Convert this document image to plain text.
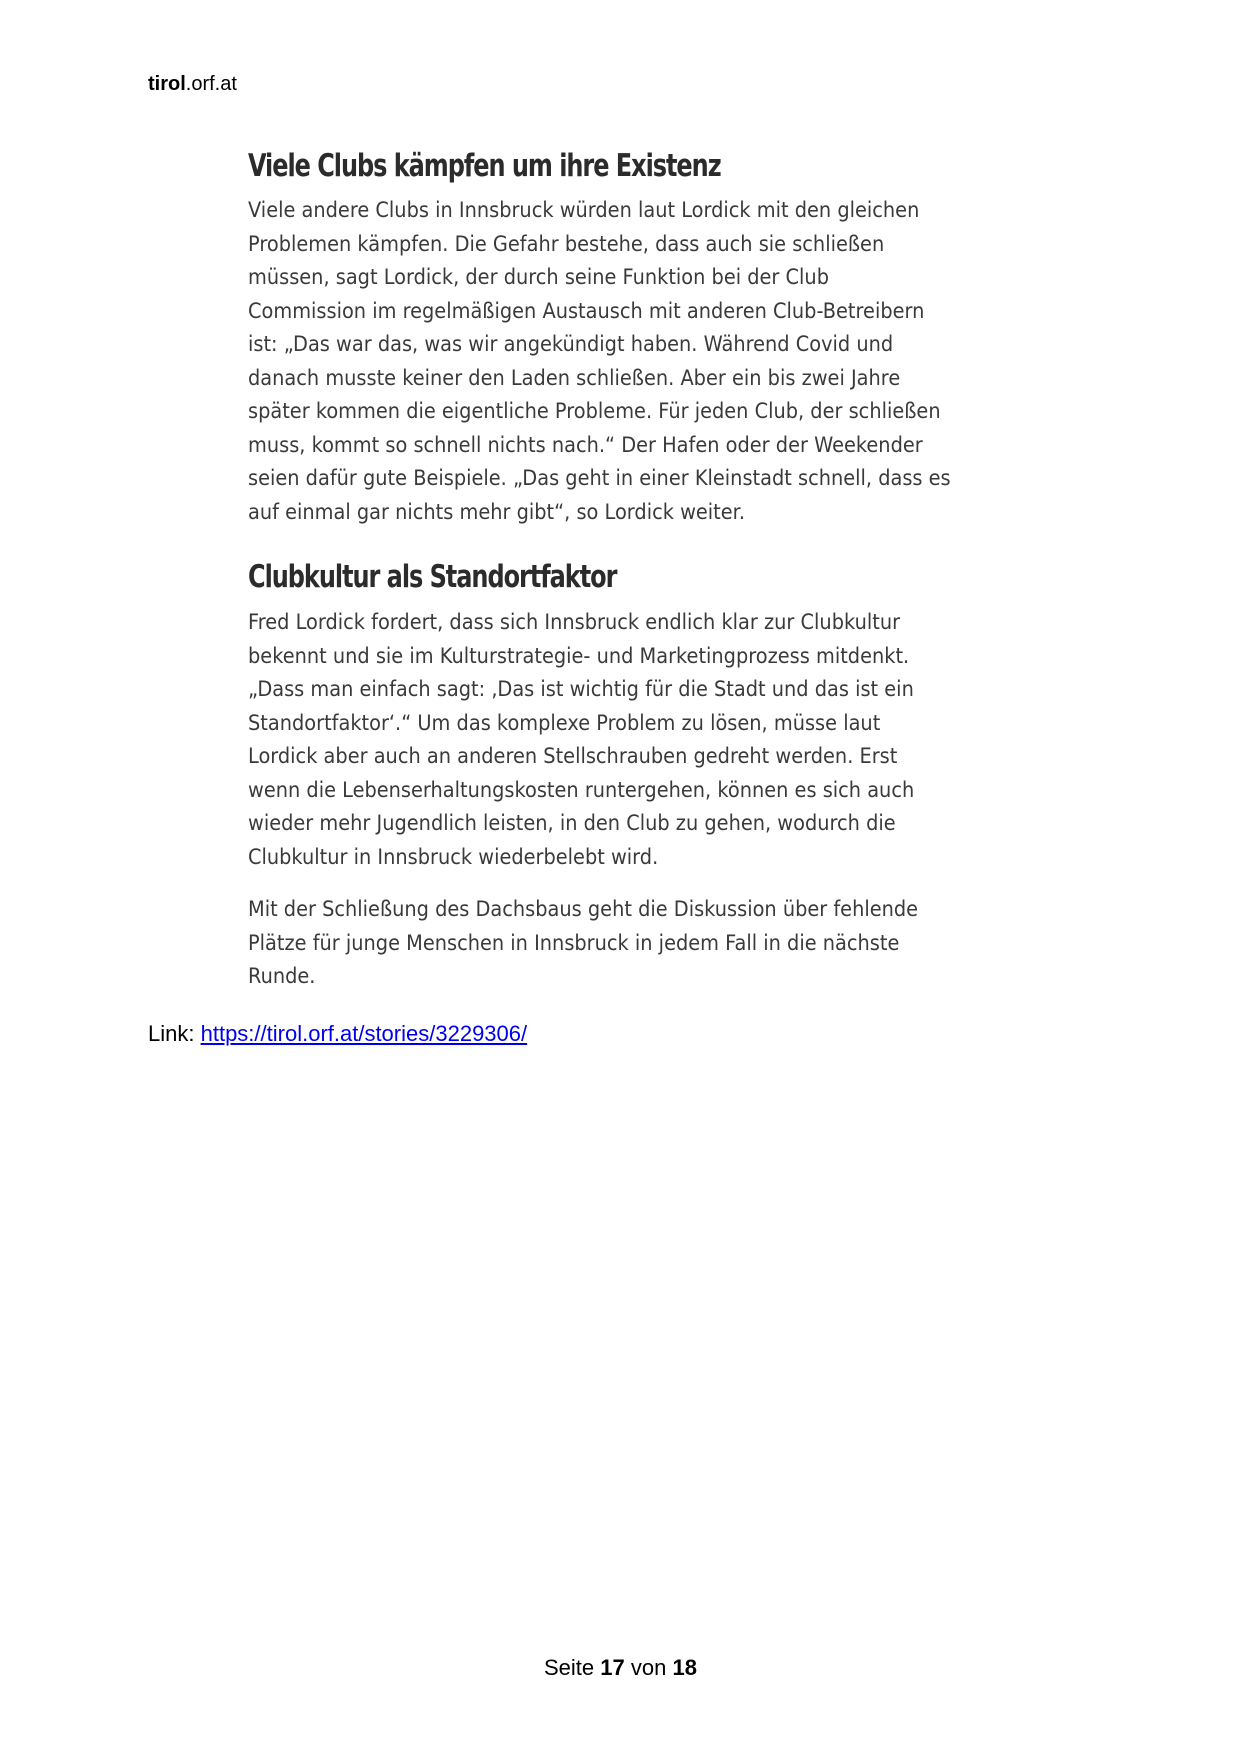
tirol.orf.at
Viele Clubs kämpfen um ihre Existenz
Viele andere Clubs in Innsbruck würden laut Lordick mit den gleichen
Problemen kämpfen. Die Gefahr bestehe, dass auch sie schließen
müssen, sagt Lordick, der durch seine Funktion bei der Club
Commission im regelmäßigen Austausch mit anderen Club-Betreibern
ist: „Das war das, was wir angekündigt haben. Während Covid und
danach musste keiner den Laden schließen. Aber ein bis zwei Jahre
später kommen die eigentliche Probleme. Für jeden Club, der schließen
muss, kommt so schnell nichts nach.“ Der Hafen oder der Weekender
seien dafür gute Beispiele. „Das geht in einer Kleinstadt schnell, dass es
auf einmal gar nichts mehr gibt“, so Lordick weiter.
Clubkultur als Standortfaktor
Fred Lordick fordert, dass sich Innsbruck endlich klar zur Clubkultur
bekennt und sie im Kulturstrategie- und Marketingprozess mitdenkt.
„Dass man einfach sagt: ‚Das ist wichtig für die Stadt und das ist ein
Standortfaktor‘.“ Um das komplexe Problem zu lösen, müsse laut
Lordick aber auch an anderen Stellschrauben gedreht werden. Erst
wenn die Lebenserhaltungskosten runtergehen, können es sich auch
wieder mehr Jugendlich leisten, in den Club zu gehen, wodurch die
Clubkultur in Innsbruck wiederbelebt wird.
Mit der Schließung des Dachsbaus geht die Diskussion über fehlende
Plätze für junge Menschen in Innsbruck in jedem Fall in die nächste
Runde.
Link: https://tirol.orf.at/stories/3229306/
Seite 17 von 18
